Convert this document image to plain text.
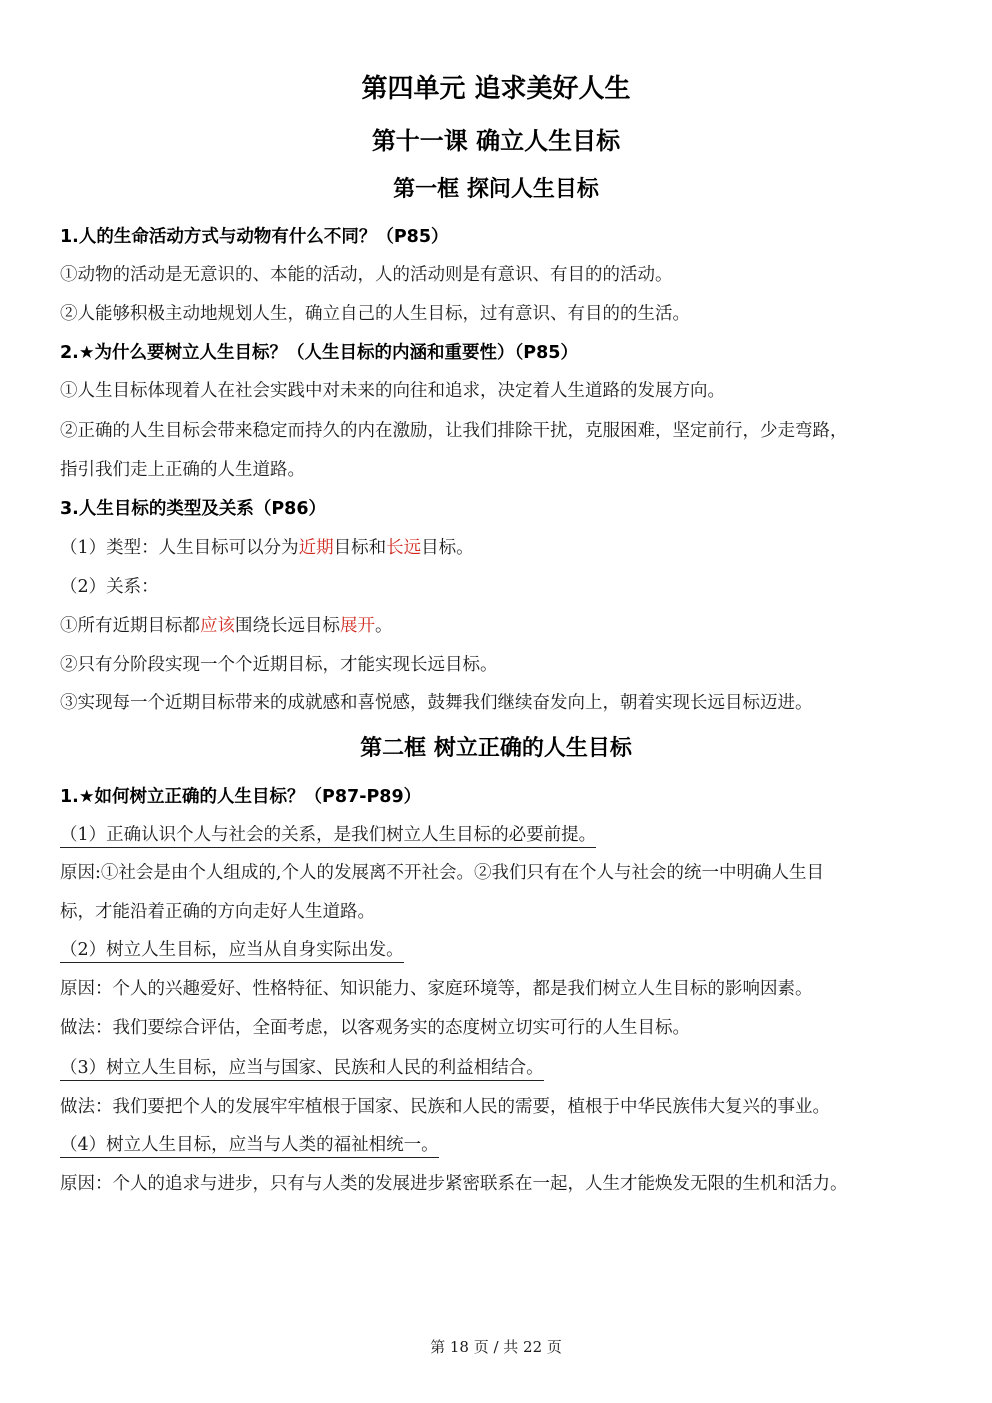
第四单元 追求美好人生
第十一课 确立人生目标
第一框 探问人生目标
1.人的生命活动方式与动物有什么不同？（P85）
①动物的活动是无意识的、本能的活动，人的活动则是有意识、有目的的活动。
②人能够积极主动地规划人生，确立自己的人生目标，过有意识、有目的的生活。
2.★为什么要树立人生目标？（人生目标的内涵和重要性）（P85）
①人生目标体现着人在社会实践中对未来的向往和追求，决定着人生道路的发展方向。
②正确的人生目标会带来稳定而持久的内在激励，让我们排除干扰，克服困难，坚定前行，少走弯路，
指引我们走上正确的人生道路。
3.人生目标的类型及关系（P86）
（1）类型：人生目标可以分为近期目标和长远目标。
（2）关系：
①所有近期目标都应该围绕长远目标展开。
②只有分阶段实现一个个近期目标，才能实现长远目标。
③实现每一个近期目标带来的成就感和喜悦感，鼓舞我们继续奋发向上，朝着实现长远目标迈进。
第二框 树立正确的人生目标
1.★如何树立正确的人生目标？（P87-P89）
（1）正确认识个人与社会的关系，是我们树立人生目标的必要前提。
原因:①社会是由个人组成的,个人的发展离不开社会。②我们只有在个人与社会的统一中明确人生目
标，才能沿着正确的方向走好人生道路。
（2）树立人生目标，应当从自身实际出发。
原因：个人的兴趣爱好、性格特征、知识能力、家庭环境等，都是我们树立人生目标的影响因素。
做法：我们要综合评估，全面考虑，以客观务实的态度树立切实可行的人生目标。
（3）树立人生目标，应当与国家、民族和人民的利益相结合。
做法：我们要把个人的发展牢牢植根于国家、民族和人民的需要，植根于中华民族伟大复兴的事业。
（4）树立人生目标，应当与人类的福祉相统一。
原因：个人的追求与进步，只有与人类的发展进步紧密联系在一起，人生才能焕发无限的生机和活力。
第 18 页 / 共 22 页
